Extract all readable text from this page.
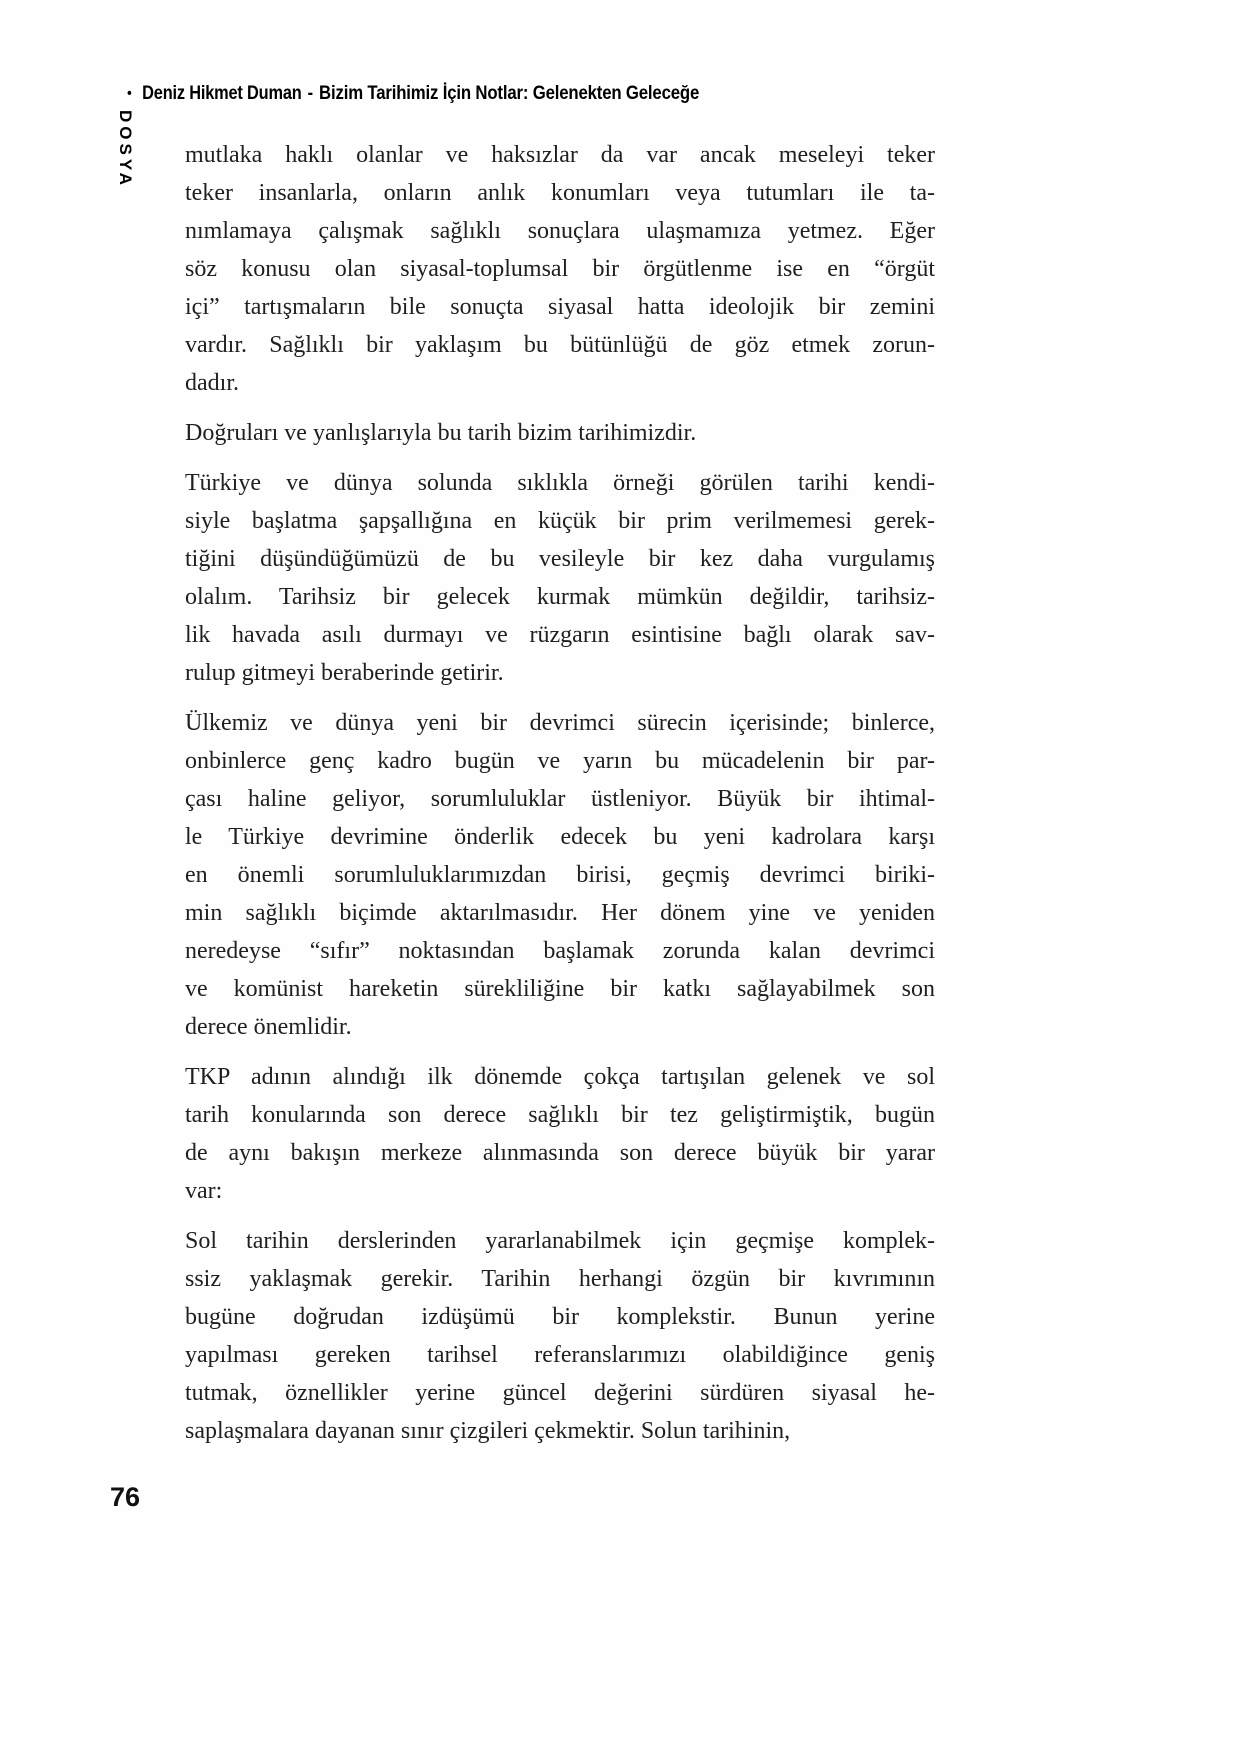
• Deniz Hikmet Duman - Bizim Tarihimiz İçin Notlar: Gelenekten Geleceğe
DOSYA mutlaka haklı olanlar ve haksızlar da var ancak meseleyi teker
teker insanlarla, onların anlık konumları veya tutumları ile ta-
nımlamaya çalışmak sağlıklı sonuçlara ulaşmamıza yetmez. Eğer
söz konusu olan siyasal-toplumsal bir örgütlenme ise en “örgüt
içi” tartışmaların bile sonuçta siyasal hatta ideolojik bir zemini
vardır. Sağlıklı bir yaklaşım bu bütünlüğü de göz etmek zorun-
dadır.
Doğruları ve yanlışlarıyla bu tarih bizim tarihimizdir.
Türkiye ve dünya solunda sıklıkla örneği görülen tarihi kendi-
siyle başlatma şapşallığına en küçük bir prim verilmemesi gerek-
tiğini düşündüğümüzü de bu vesileyle bir kez daha vurgulamış
olalım. Tarihsiz bir gelecek kurmak mümkün değildir, tarihsiz-
lik havada asılı durmayı ve rüzgarın esintisine bağlı olarak sav-
rulup gitmeyi beraberinde getirir.
Ülkemiz ve dünya yeni bir devrimci sürecin içerisinde; binlerce,
onbinlerce genç kadro bugün ve yarın bu mücadelenin bir par-
çası haline geliyor, sorumluluklar üstleniyor. Büyük bir ihtimal-
le Türkiye devrimine önderlik edecek bu yeni kadrolara karşı
en önemli sorumluluklarımızdan birisi, geçmiş devrimci biriki-
min sağlıklı biçimde aktarılmasıdır. Her dönem yine ve yeniden
neredeyse “sıfır” noktasından başlamak zorunda kalan devrimci
ve komünist hareketin sürekliliğine bir katkı sağlayabilmek son
derece önemlidir.
TKP adının alındığı ilk dönemde çokça tartışılan gelenek ve sol
tarih konularında son derece sağlıklı bir tez geliştirmiştik, bugün
de aynı bakışın merkeze alınmasında son derece büyük bir yarar
var:
Sol tarihin derslerinden yararlanabilmek için geçmişe komplek-
ssiz yaklaşmak gerekir. Tarihin herhangi özgün bir kıvrımının
bugüne doğrudan izdüşümü bir komplekstir. Bunun yerine
yapılması gereken tarihsel referanslarımızı olabildiğince geniş
tutmak, öznellikler yerine güncel değerini sürdüren siyasal he-
saplaşmalara dayanan sınır çizgileri çekmektir. Solun tarihinin,
76
